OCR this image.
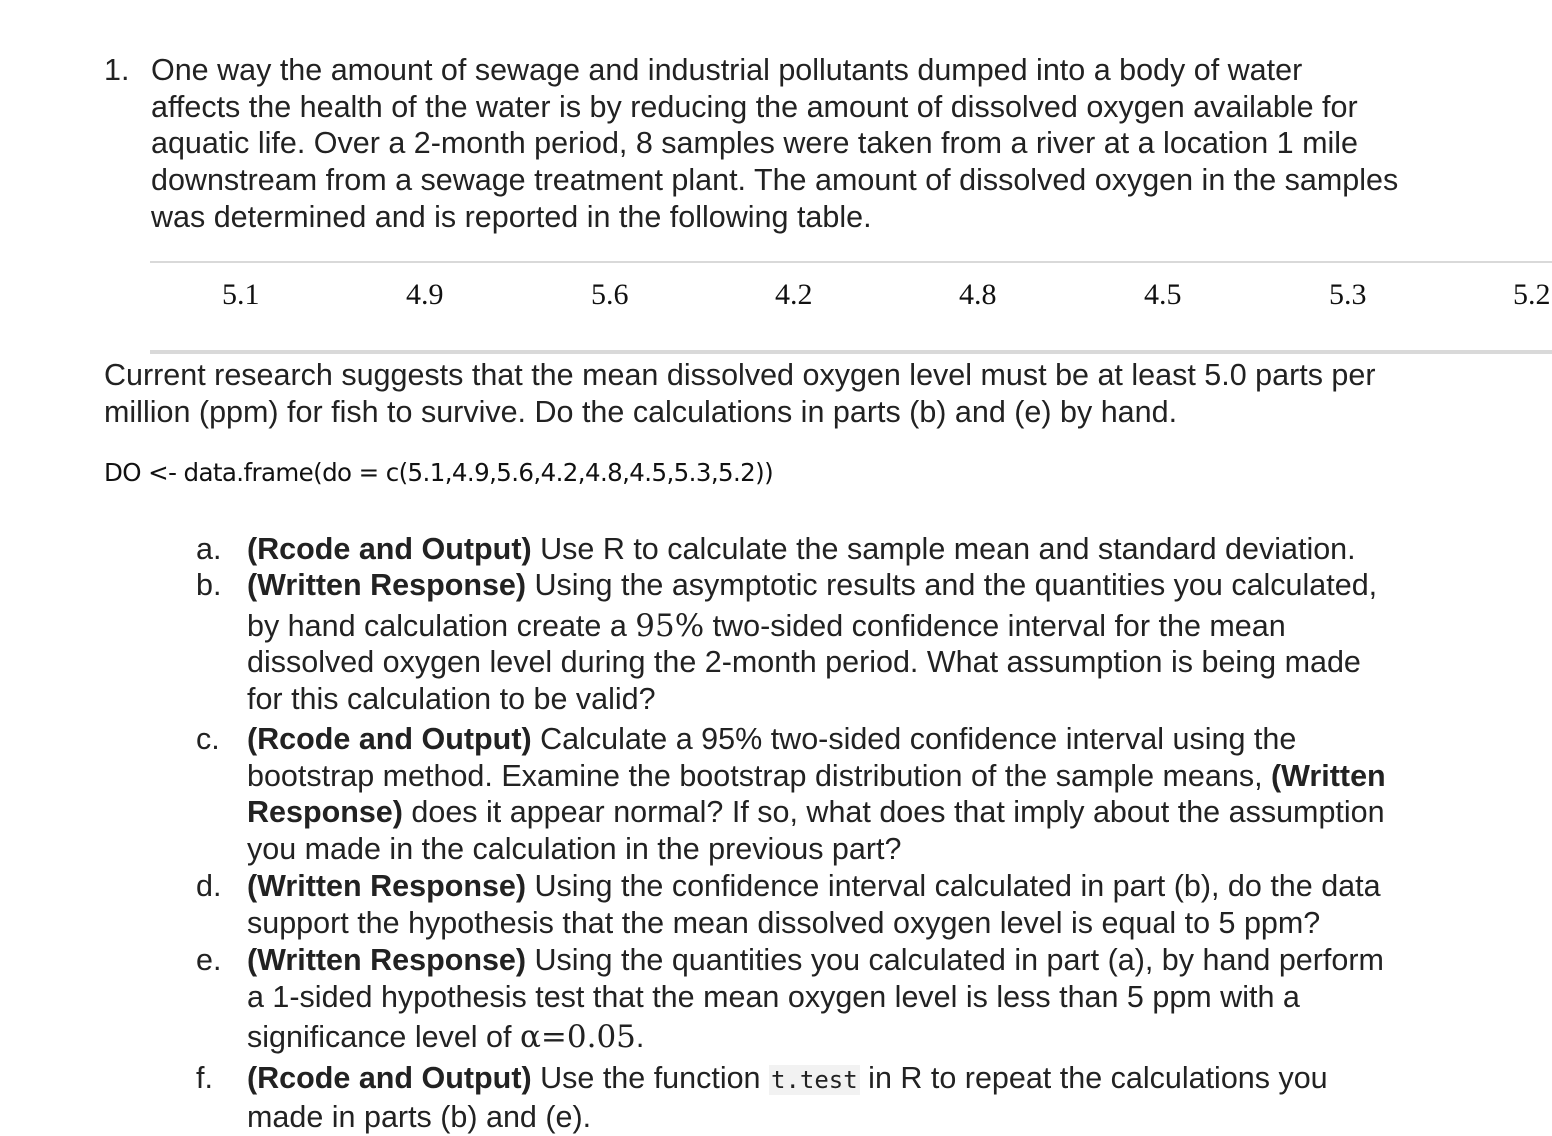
1. One way the amount of sewage and industrial pollutants dumped into a body of water
affects the health of the water is by reducing the amount of dissolved oxygen available for
aquatic life. Over a 2-month period, 8 samples were taken from a river at a location 1 mile
downstream from a sewage treatment plant. The amount of dissolved oxygen in the samples
was determined and is reported in the following table.
5.1	4.9	5.6	4.2	4.8	4.5	5.3	5.2
Current research suggests that the mean dissolved oxygen level must be at least 5.0 parts per
million (ppm) for fish to survive. Do the calculations in parts (b) and (e) by hand.
DO <- data.frame(do = c(5.1,4.9,5.6,4.2,4.8,4.5,5.3,5.2))
a. (Rcode and Output) Use R to calculate the sample mean and standard deviation.
b. (Written Response) Using the asymptotic results and the quantities you calculated,
by hand calculation create a 95% two-sided confidence interval for the mean
dissolved oxygen level during the 2-month period. What assumption is being made
for this calculation to be valid?
c. (Rcode and Output) Calculate a 95% two-sided confidence interval using the
bootstrap method. Examine the bootstrap distribution of the sample means, (Written
Response) does it appear normal? If so, what does that imply about the assumption
you made in the calculation in the previous part?
d. (Written Response) Using the confidence interval calculated in part (b), do the data
support the hypothesis that the mean dissolved oxygen level is equal to 5 ppm?
e. (Written Response) Using the quantities you calculated in part (a), by hand perform
a 1-sided hypothesis test that the mean oxygen level is less than 5 ppm with a
significance level of α=0.05.
f. (Rcode and Output) Use the function t.test in R to repeat the calculations you
made in parts (b) and (e).
